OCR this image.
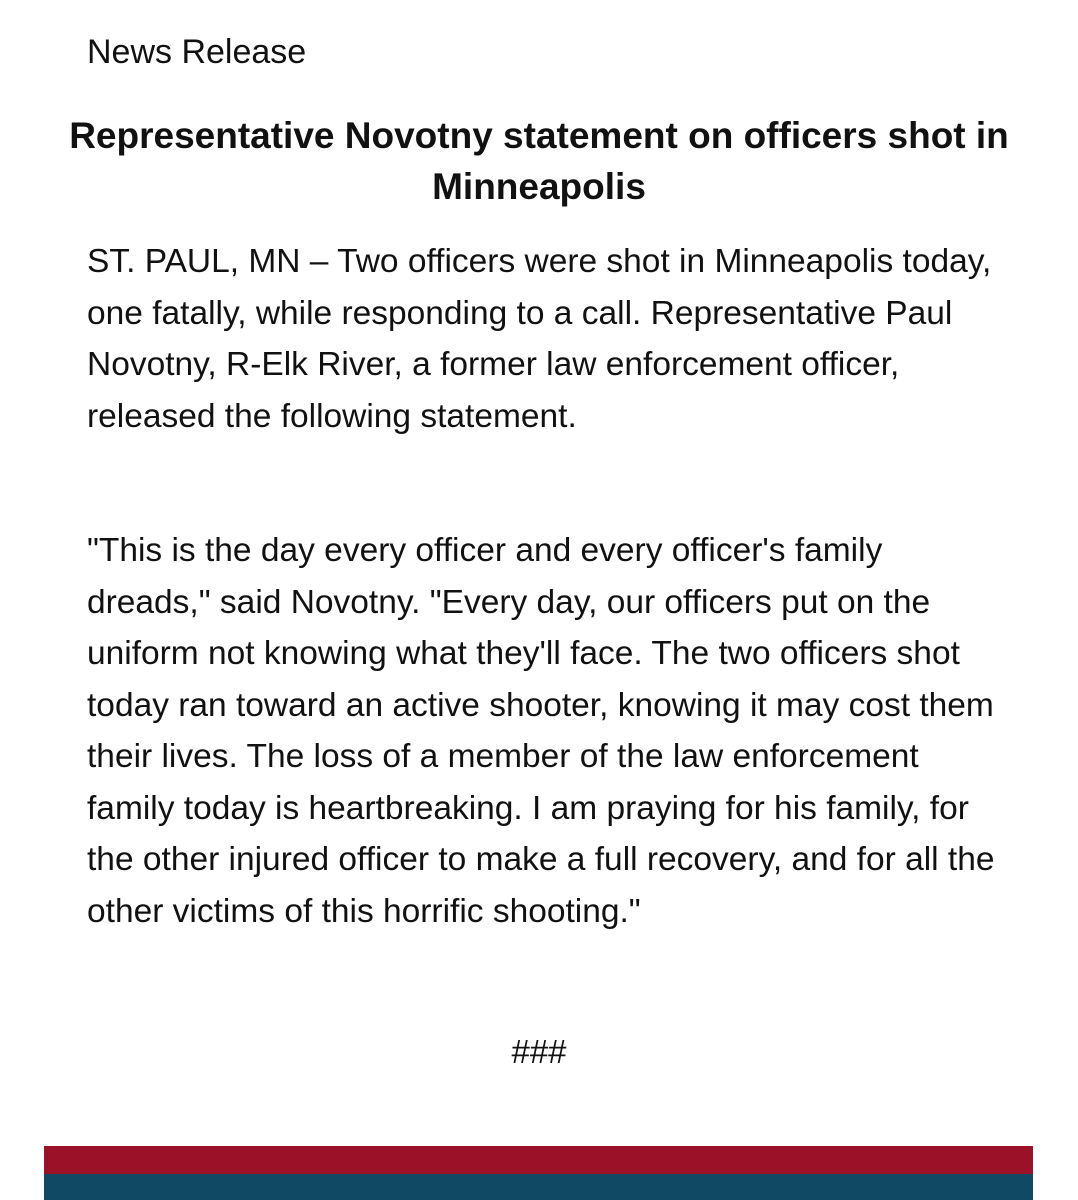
News Release

Representative Novotny statement on officers shot in Minneapolis

ST. PAUL, MN – Two officers were shot in Minneapolis today, one fatally, while responding to a call. Representative Paul Novotny, R-Elk River, a former law enforcement officer, released the following statement.

"This is the day every officer and every officer's family dreads," said Novotny. "Every day, our officers put on the uniform not knowing what they'll face. The two officers shot today ran toward an active shooter, knowing it may cost them their lives. The loss of a member of the law enforcement family today is heartbreaking. I am praying for his family, for the other injured officer to make a full recovery, and for all the other victims of this horrific shooting."

###
